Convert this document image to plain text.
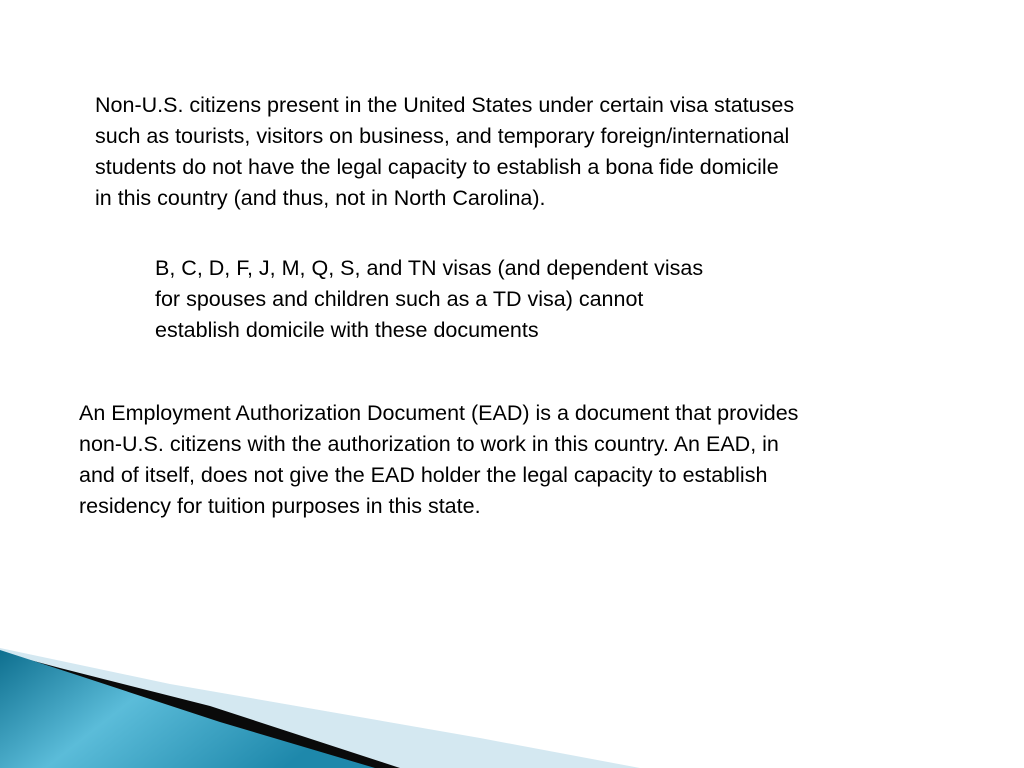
Non-U.S. citizens present in the United States under certain visa statuses
such as tourists, visitors on business, and temporary foreign/international
students do not have the legal capacity to establish a bona fide domicile
in this country (and thus, not in North Carolina).

B, C, D, F, J, M, Q, S, and TN visas (and dependent visas
for spouses and children such as a TD visa) cannot
establish domicile with these documents

An Employment Authorization Document (EAD) is a document that provides
non-U.S. citizens with the authorization to work in this country. An EAD, in
and of itself, does not give the EAD holder the legal capacity to establish
residency for tuition purposes in this state.
